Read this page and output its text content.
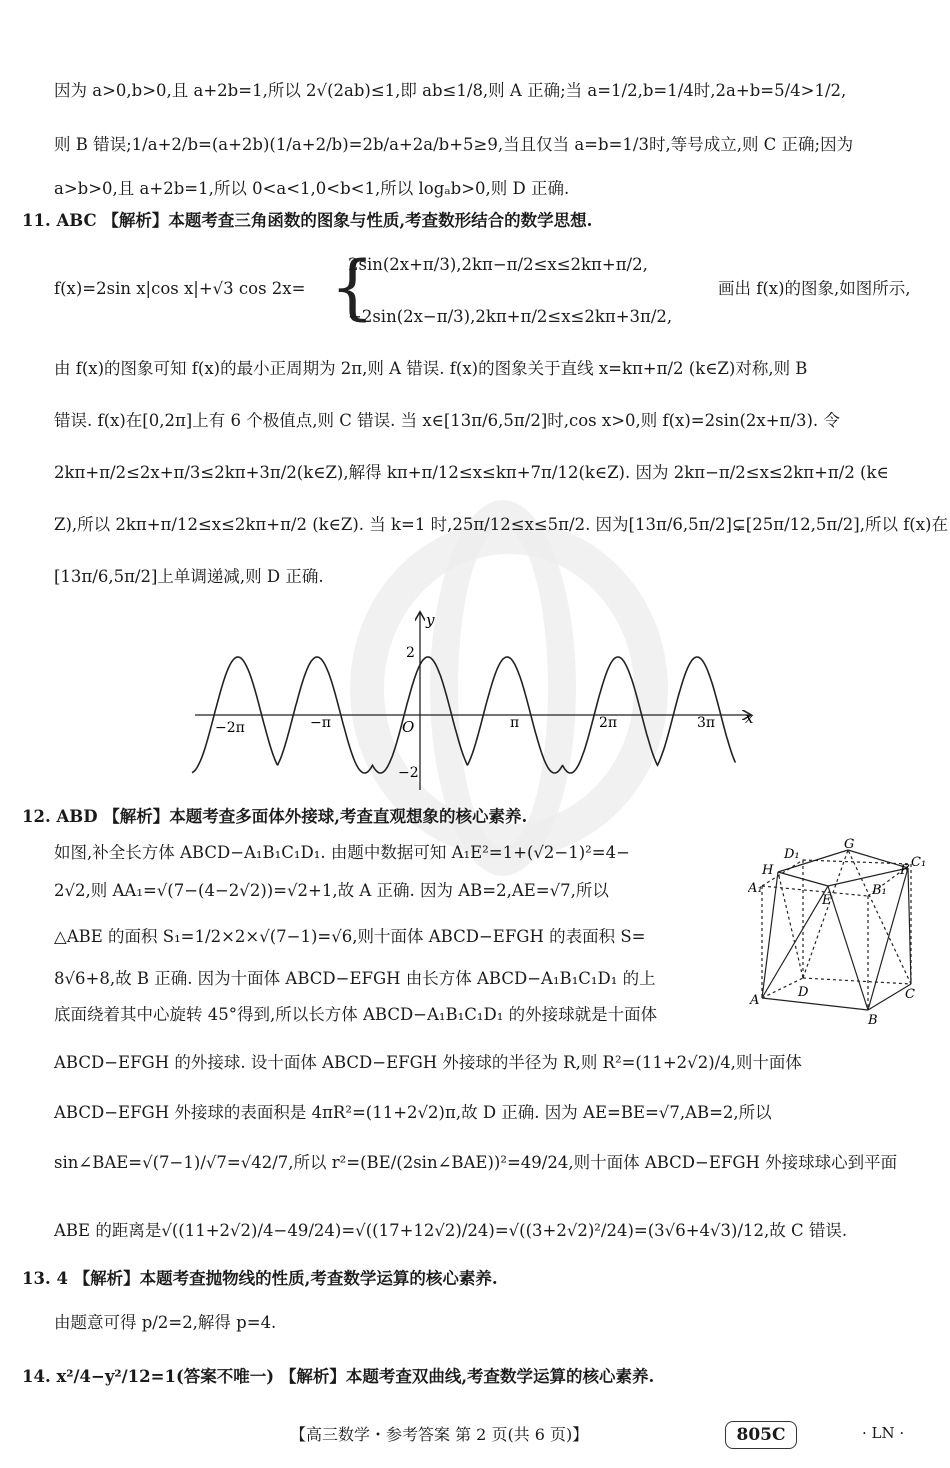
因为 a>0,b>0,且 a+2b=1,所以 2√(2ab)≤1,即 ab≤1/8,则 A 正确;当 a=1/2,b=1/4时,2a+b=5/4>1/2,
则 B 错误;1/a+2/b=(a+2b)(1/a+2/b)=2b/a+2a/b+5≥9,当且仅当 a=b=1/3时,等号成立,则 C 正确;因为
a>b>0,且 a+2b=1,所以 0<a<1,0<b<1,所以 logₐb>0,则 D 正确.
11. ABC 【解析】本题考查三角函数的图象与性质,考查数形结合的数学思想.
f(x)=2sin x|cos x|+√3 cos 2x= {
2sin(2x+π/3),2kπ−π/2≤x≤2kπ+π/2,
−2sin(2x−π/3),2kπ+π/2≤x≤2kπ+3π/2,
画出 f(x)的图象,如图所示,
由 f(x)的图象可知 f(x)的最小正周期为 2π,则 A 错误. f(x)的图象关于直线 x=kπ+π/2 (k∈Z)对称,则 B
错误. f(x)在[0,2π]上有 6 个极值点,则 C 错误. 当 x∈[13π/6,5π/2]时,cos x>0,则 f(x)=2sin(2x+π/3). 令
2kπ+π/2≤2x+π/3≤2kπ+3π/2(k∈Z),解得 kπ+π/12≤x≤kπ+7π/12(k∈Z). 因为 2kπ−π/2≤x≤2kπ+π/2 (k∈
Z),所以 2kπ+π/12≤x≤2kπ+π/2 (k∈Z). 当 k=1 时,25π/12≤x≤5π/2. 因为[13π/6,5π/2]⊊[25π/12,5π/2],所以 f(x)在
[13π/6,5π/2]上单调递减,则 D 正确.
y
x
O
2
−2
−2π	−π	π	2π	3π
12. ABD 【解析】本题考查多面体外接球,考查直观想象的核心素养.
如图,补全长方体 ABCD−A₁B₁C₁D₁. 由题中数据可知 A₁E²=1+(√2−1)²=4−
2√2,则 AA₁=√(7−(4−2√2))=√2+1,故 A 正确. 因为 AB=2,AE=√7,所以
△ABE 的面积 S₁=1/2×2×√(7−1)=√6,则十面体 ABCD−EFGH 的表面积 S=
8√6+8,故 B 正确. 因为十面体 ABCD−EFGH 由长方体 ABCD−A₁B₁C₁D₁ 的上
底面绕着其中心旋转 45°得到,所以长方体 ABCD−A₁B₁C₁D₁ 的外接球就是十面体
ABCD−EFGH 的外接球. 设十面体 ABCD−EFGH 外接球的半径为 R,则 R²=(11+2√2)/4,则十面体
ABCD−EFGH 外接球的表面积是 4πR²=(11+2√2)π,故 D 正确. 因为 AE=BE=√7,AB=2,所以
sin∠BAE=√(7−1)/√7=√42/7,所以 r²=(BE/(2sin∠BAE))²=49/24,则十面体 ABCD−EFGH 外接球球心到平面
ABE 的距离是√((11+2√2)/4−49/24)=√((17+12√2)/24)=√((3+2√2)²/24)=(3√6+4√3)/12,故 C 错误.
A
B
C
D
E
F
G
H
A₁	B₁
C₁
D₁
13. 4 【解析】本题考查抛物线的性质,考查数学运算的核心素养.
由题意可得 p/2=2,解得 p=4.
14. x²/4−y²/12=1(答案不唯一) 【解析】本题考查双曲线,考查数学运算的核心素养.
【高三数学・参考答案 第 2 页(共 6 页)】	805C	· LN ·
